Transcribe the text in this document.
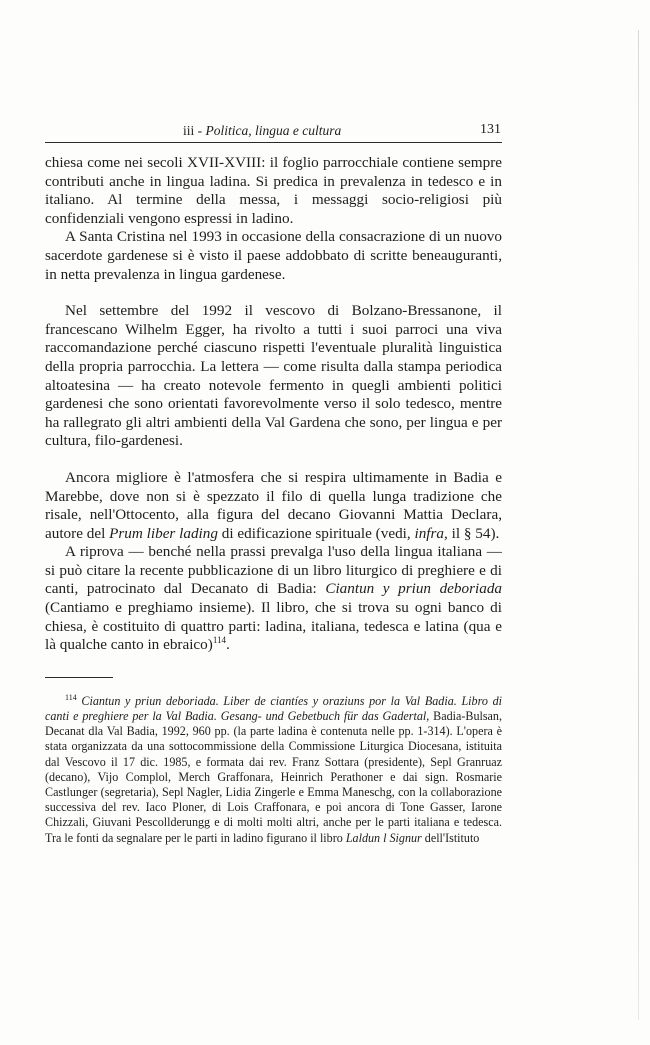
iii - Politica, lingua e cultura	131

chiesa come nei secoli XVII-XVIII: il foglio parrocchiale contiene sempre contributi anche in lingua ladina. Si predica in prevalenza in tedesco e in italiano. Al termine della messa, i messaggi socio-religiosi più confidenziali vengono espressi in ladino.

A Santa Cristina nel 1993 in occasione della consacrazione di un nuovo sacerdote gardenese si è visto il paese addobbato di scritte beneauguranti, in netta prevalenza in lingua gardenese.

Nel settembre del 1992 il vescovo di Bolzano-Bressanone, il francescano Wilhelm Egger, ha rivolto a tutti i suoi parroci una viva raccomandazione perché ciascuno rispetti l'eventuale pluralità linguistica della propria parrocchia. La lettera — come risulta dalla stampa periodica altoatesina — ha creato notevole fermento in quegli ambienti politici gardenesi che sono orientati favorevolmente verso il solo tedesco, mentre ha rallegrato gli altri ambienti della Val Gardena che sono, per lingua e per cultura, filo-gardenesi.

Ancora migliore è l'atmosfera che si respira ultimamente in Badia e Marebbe, dove non si è spezzato il filo di quella lunga tradizione che risale, nell'Ottocento, alla figura del decano Giovanni Mattia Declara, autore del Prum liber lading di edificazione spirituale (vedi, infra, il § 54).

A riprova — benché nella prassi prevalga l'uso della lingua italiana — si può citare la recente pubblicazione di un libro liturgico di preghiere e di canti, patrocinato dal Decanato di Badia: Ciantun y priun deboriada (Cantiamo e preghiamo insieme). Il libro, che si trova su ogni banco di chiesa, è costituito di quattro parti: ladina, italiana, tedesca e latina (qua e là qualche canto in ebraico)$^{114}$.

$^{114}$ Ciantun y priun deboriada. Liber de ciantíes y oraziuns por la Val Badia. Libro di canti e preghiere per la Val Badia. Gesang- und Gebetbuch für das Gadertal, Badia-Bulsan, Decanat dla Val Badia, 1992, 960 pp. (la parte ladina è contenuta nelle pp. 1-314). L'opera è stata organizzata da una sottocommissione della Commissione Liturgica Diocesana, istituita dal Vescovo il 17 dic. 1985, e formata dai rev. Franz Sottara (presidente), Sepl Granruaz (decano), Vijo Complol, Merch Graffonara, Heinrich Perathoner e dai sign. Rosmarie Castlunger (segretaria), Sepl Nagler, Lidia Zingerle e Emma Maneschg, con la collaborazione successiva del rev. Iaco Ploner, di Lois Craffonara, e poi ancora di Tone Gasser, Iarone Chizzali, Giuvani Pescollderungg e di molti molti altri, anche per le parti italiana e tedesca. Tra le fonti da segnalare per le parti in ladino figurano il libro Laldun l Signur dell'Istituto
